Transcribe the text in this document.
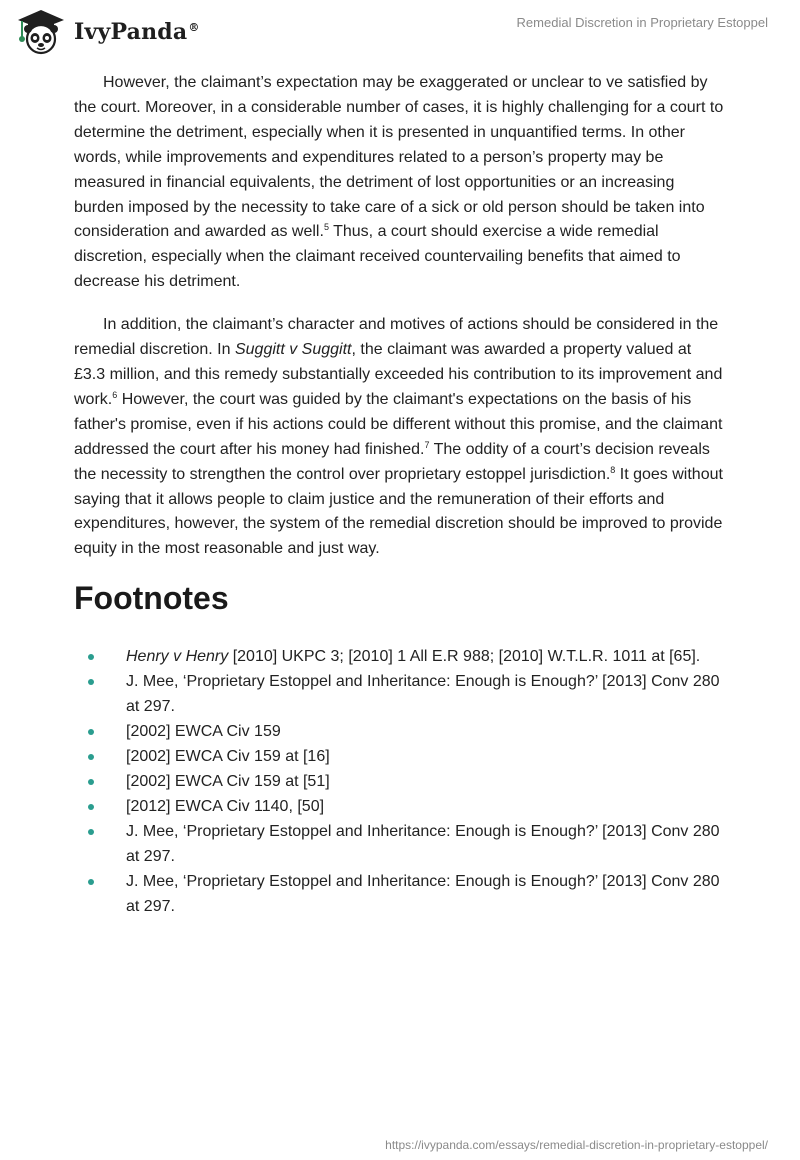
IvyPanda®	Remedial Discretion in Proprietary Estoppel

However, the claimant’s expectation may be exaggerated or unclear to ve satisfied by the court. Moreover, in a considerable number of cases, it is highly challenging for a court to determine the detriment, especially when it is presented in unquantified terms. In other words, while improvements and expenditures related to a person’s property may be measured in financial equivalents, the detriment of lost opportunities or an increasing burden imposed by the necessity to take care of a sick or old person should be taken into consideration and awarded as well.$^5$ Thus, a court should exercise a wide remedial discretion, especially when the claimant received countervailing benefits that aimed to decrease his detriment.

In addition, the claimant’s character and motives of actions should be considered in the remedial discretion. In Suggitt v Suggitt, the claimant was awarded a property valued at £3.3 million, and this remedy substantially exceeded his contribution to its improvement and work.$^6$ However, the court was guided by the claimant's expectations on the basis of his father's promise, even if his actions could be different without this promise, and the claimant addressed the court after his money had finished.$^7$ The oddity of a court’s decision reveals the necessity to strengthen the control over proprietary estoppel jurisdiction.$^8$ It goes without saying that it allows people to claim justice and the remuneration of their efforts and expenditures, however, the system of the remedial discretion should be improved to provide equity in the most reasonable and just way.

Footnotes
Henry v Henry [2010] UKPC 3; [2010] 1 All E.R 988; [2010] W.T.L.R. 1011 at [65].
J. Mee, ‘Proprietary Estoppel and Inheritance: Enough is Enough?’ [2013] Conv 280 at 297.
[2002] EWCA Civ 159
[2002] EWCA Civ 159 at [16]
[2002] EWCA Civ 159 at [51]
[2012] EWCA Civ 1140, [50]
J. Mee, ‘Proprietary Estoppel and Inheritance: Enough is Enough?’ [2013] Conv 280 at 297.
J. Mee, ‘Proprietary Estoppel and Inheritance: Enough is Enough?’ [2013] Conv 280 at 297.
https://ivypanda.com/essays/remedial-discretion-in-proprietary-estoppel/
